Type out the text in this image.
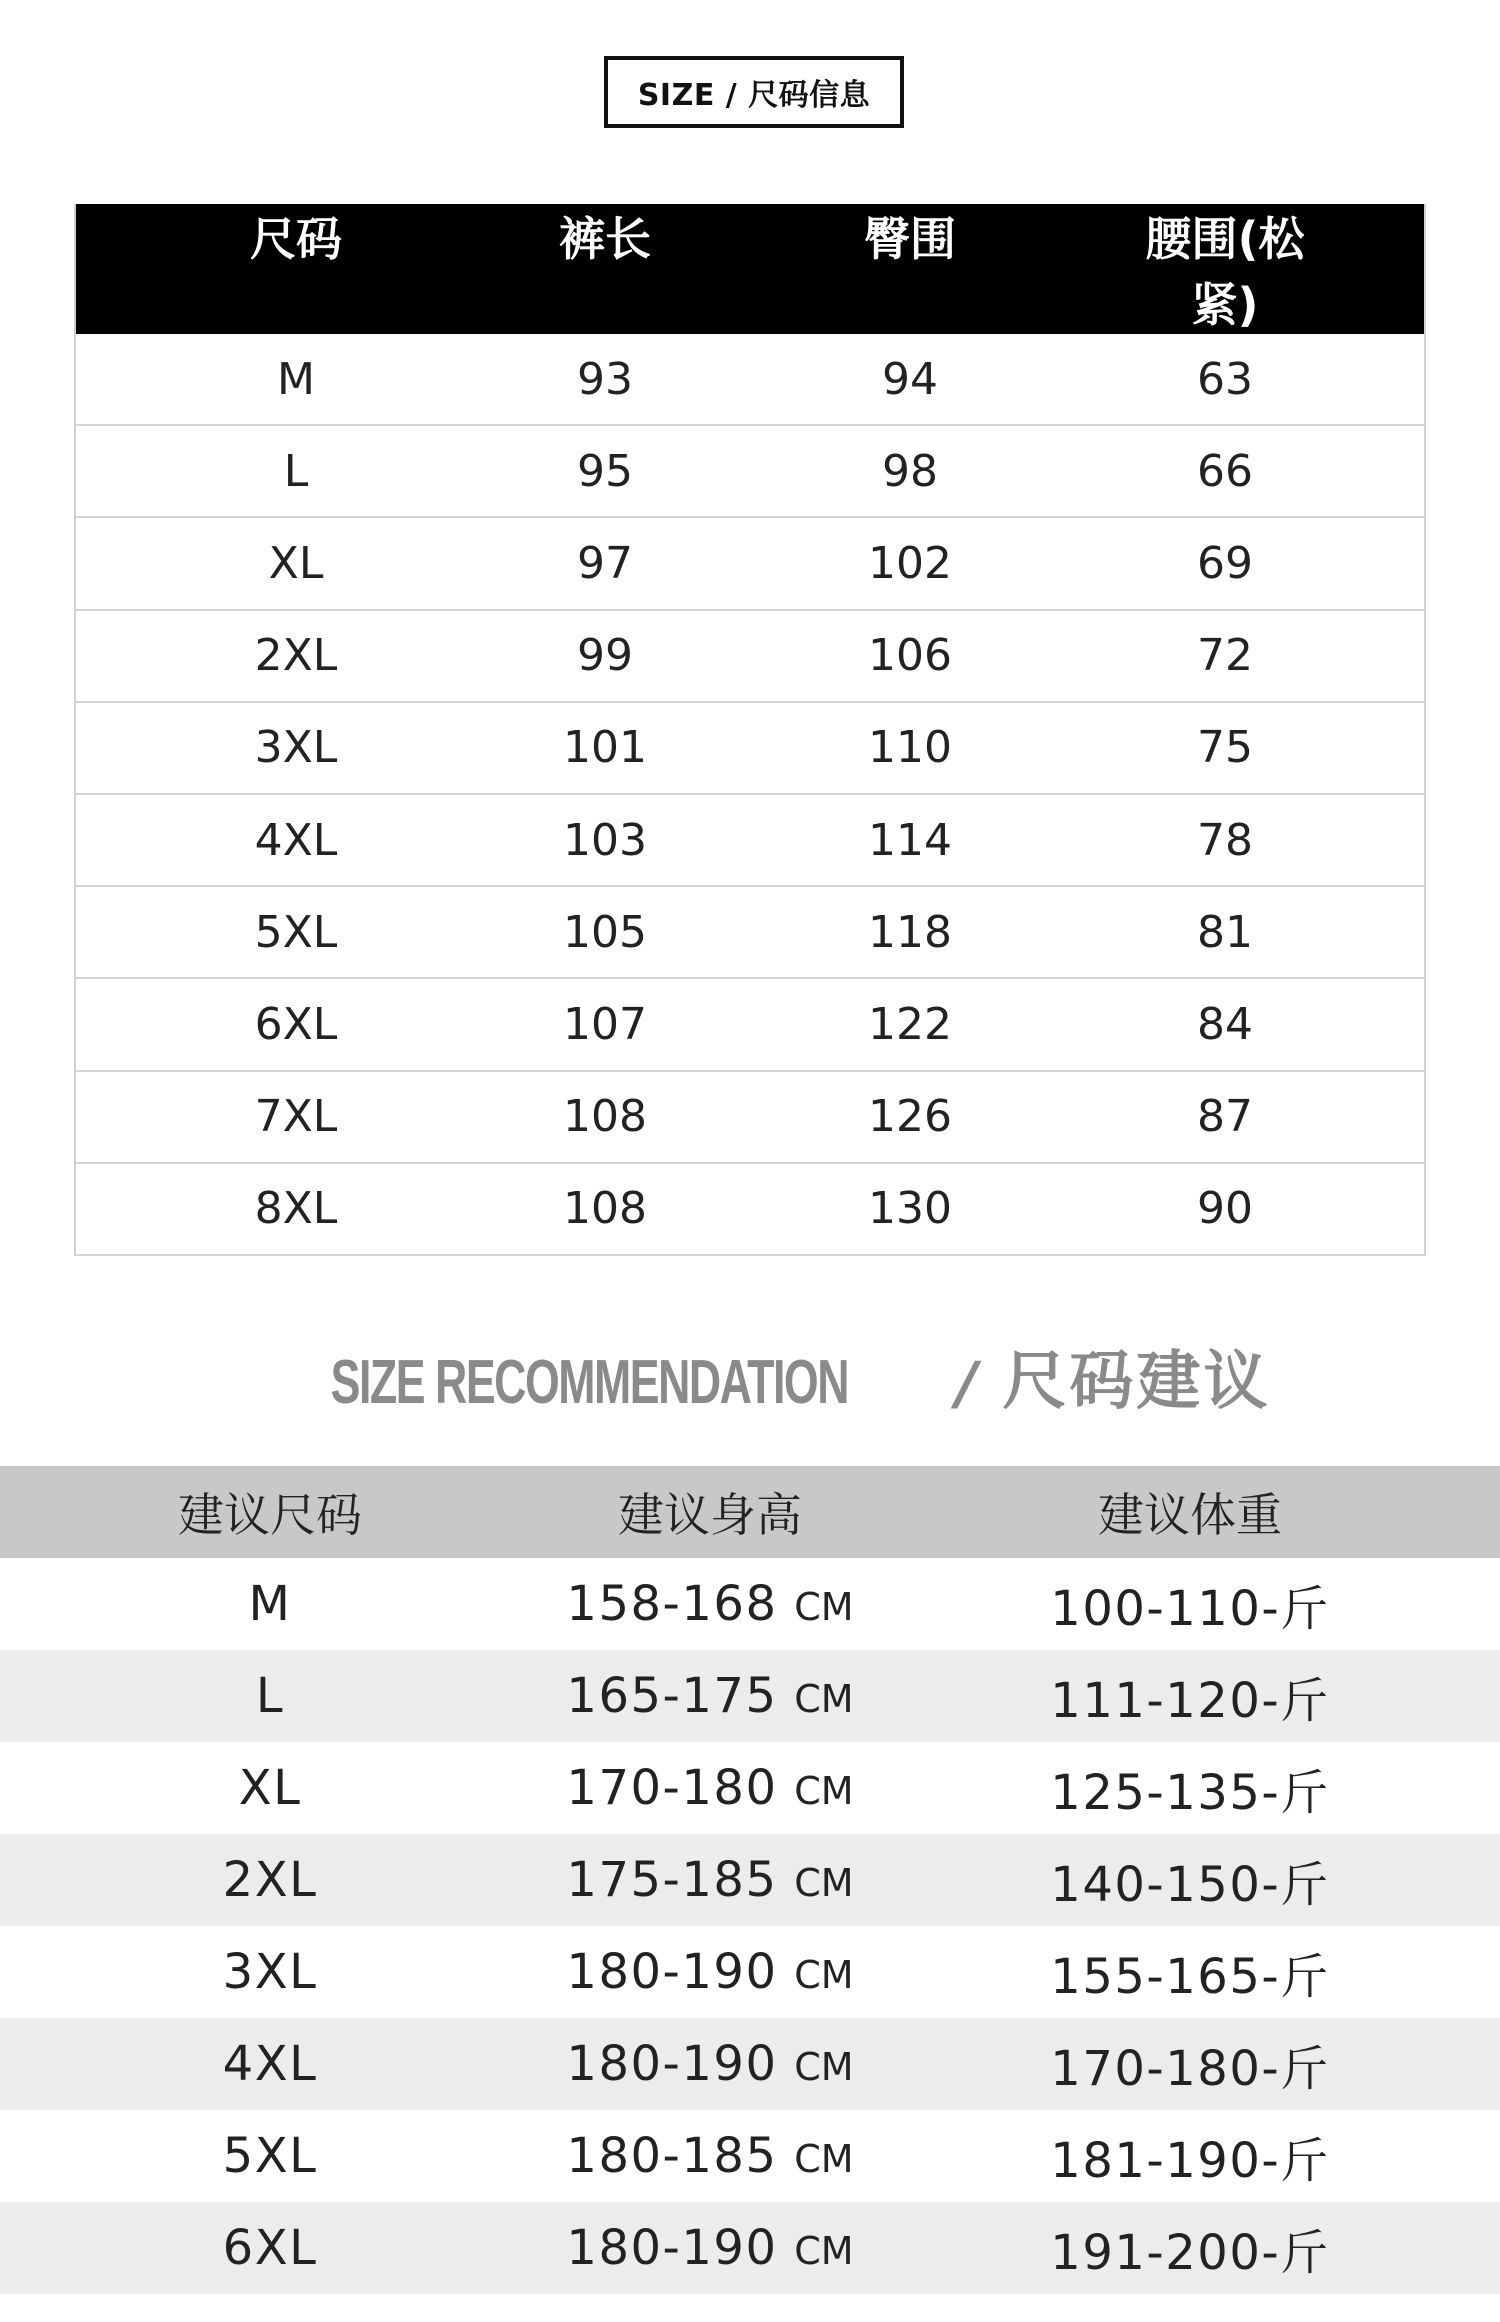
SIZE / 尺码信息
尺码	裤长	臀围	腰围(松紧)
M	93	94	63
L	95	98	66
XL	97	102	69
2XL	99	106	72
3XL	101	110	75
4XL	103	114	78
5XL	105	118	81
6XL	107	122	84
7XL	108	126	87
8XL	108	130	90
SIZE RECOMMENDATION / 尺码建议
建议尺码	建议身高	建议体重
M	158-168 CM	100-110-斤
L	165-175 CM	111-120-斤
XL	170-180 CM	125-135-斤
2XL	175-185 CM	140-150-斤
3XL	180-190 CM	155-165-斤
4XL	180-190 CM	170-180-斤
5XL	180-185 CM	181-190-斤
6XL	180-190 CM	191-200-斤
